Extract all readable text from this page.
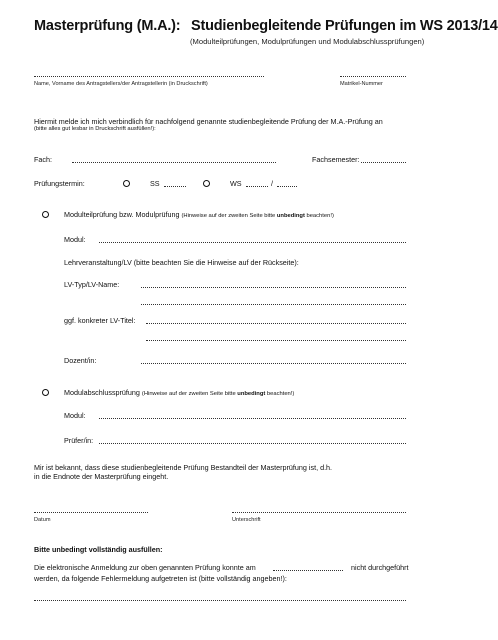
Masterprüfung (M.A.): Studienbegleitende Prüfungen im WS 2013/14
(Modulteilprüfungen, Modulprüfungen und Modulabschlussprüfungen)
Name, Vorname des Antragstellers/der Antragstellerin (in Druckschrift)	Matrikel-Nummer
Hiermit melde ich mich verbindlich für nachfolgend genannte studienbegleitende Prüfung der M.A.-Prüfung an
(bitte alles gut lesbar in Druckschrift ausfüllen!):
Fach:	Fachsemester:
Prüfungstermin:	SS	WS	/
Modulteilprüfung bzw. Modulprüfung (Hinweise auf der zweiten Seite bitte unbedingt beachten!)
Modul:
Lehrveranstaltung/LV (bitte beachten Sie die Hinweise auf der Rückseite):
LV-Typ/LV-Name:
ggf. konkreter LV-Titel:
Dozent/in:
Modulabschlussprüfung (Hinweise auf der zweiten Seite bitte unbedingt beachten!)
Modul:
Prüfer/in:
Mir ist bekannt, dass diese studienbegleitende Prüfung Bestandteil der Masterprüfung ist, d.h.
in die Endnote der Masterprüfung eingeht.
Datum	Unterschrift
Bitte unbedingt vollständig ausfüllen:
Die elektronische Anmeldung zur oben genannten Prüfung konnte am	nicht durchgeführt
werden, da folgende Fehlermeldung aufgetreten ist (bitte vollständig angeben!):
